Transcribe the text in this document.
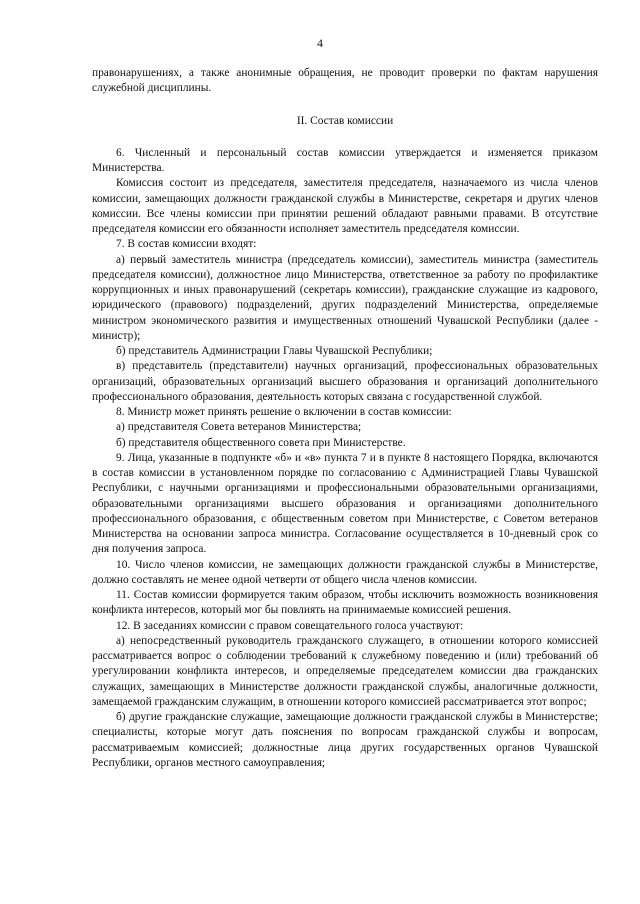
4

правонарушениях, а также анонимные обращения, не проводит проверки по фактам нарушения служебной дисциплины.

II. Состав комиссии

6. Численный и персональный состав комиссии утверждается и изменяется приказом Министерства.

Комиссия состоит из председателя, заместителя председателя, назначаемого из числа членов комиссии, замещающих должности гражданской службы в Министерстве, секретаря и других членов комиссии. Все члены комиссии при принятии решений обладают равными правами. В отсутствие председателя комиссии его обязанности исполняет заместитель председателя комиссии.

7. В состав комиссии входят:

а) первый заместитель министра (председатель комиссии), заместитель министра (заместитель председателя комиссии), должностное лицо Министерства, ответственное за работу по профилактике коррупционных и иных правонарушений (секретарь комиссии), гражданские служащие из кадрового, юридического (правового) подразделений, других подразделений Министерства, определяемые министром экономического развития и имущественных отношений Чувашской Республики (далее - министр);

б) представитель Администрации Главы Чувашской Республики;

в) представитель (представители) научных организаций, профессиональных образовательных организаций, образовательных организаций высшего образования и организаций дополнительного профессионального образования, деятельность которых связана с государственной службой.

8. Министр может принять решение о включении в состав комиссии:

а) представителя Совета ветеранов Министерства;

б) представителя общественного совета при Министерстве.

9. Лица, указанные в подпункте «б» и «в» пункта 7 и в пункте 8 настоящего Порядка, включаются в состав комиссии в установленном порядке по согласованию с Администрацией Главы Чувашской Республики, с научными организациями и профессиональными образовательными организациями, образовательными организациями высшего образования и организациями дополнительного профессионального образования, с общественным советом при Министерстве, с Советом ветеранов Министерства на основании запроса министра. Согласование осуществляется в 10-дневный срок со дня получения запроса.

10. Число членов комиссии, не замещающих должности гражданской службы в Министерстве, должно составлять не менее одной четверти от общего числа членов комиссии.

11. Состав комиссии формируется таким образом, чтобы исключить возможность возникновения конфликта интересов, который мог бы повлиять на принимаемые комиссией решения.

12. В заседаниях комиссии с правом совещательного голоса участвуют:

а) непосредственный руководитель гражданского служащего, в отношении которого комиссией рассматривается вопрос о соблюдении требований к служебному поведению и (или) требований об урегулировании конфликта интересов, и определяемые председателем комиссии два гражданских служащих, замещающих в Министерстве должности гражданской службы, аналогичные должности, замещаемой гражданским служащим, в отношении которого комиссией рассматривается этот вопрос;

б) другие гражданские служащие, замещающие должности гражданской службы в Министерстве; специалисты, которые могут дать пояснения по вопросам гражданской службы и вопросам, рассматриваемым комиссией; должностные лица других государственных органов Чувашской Республики, органов местного самоуправления;
